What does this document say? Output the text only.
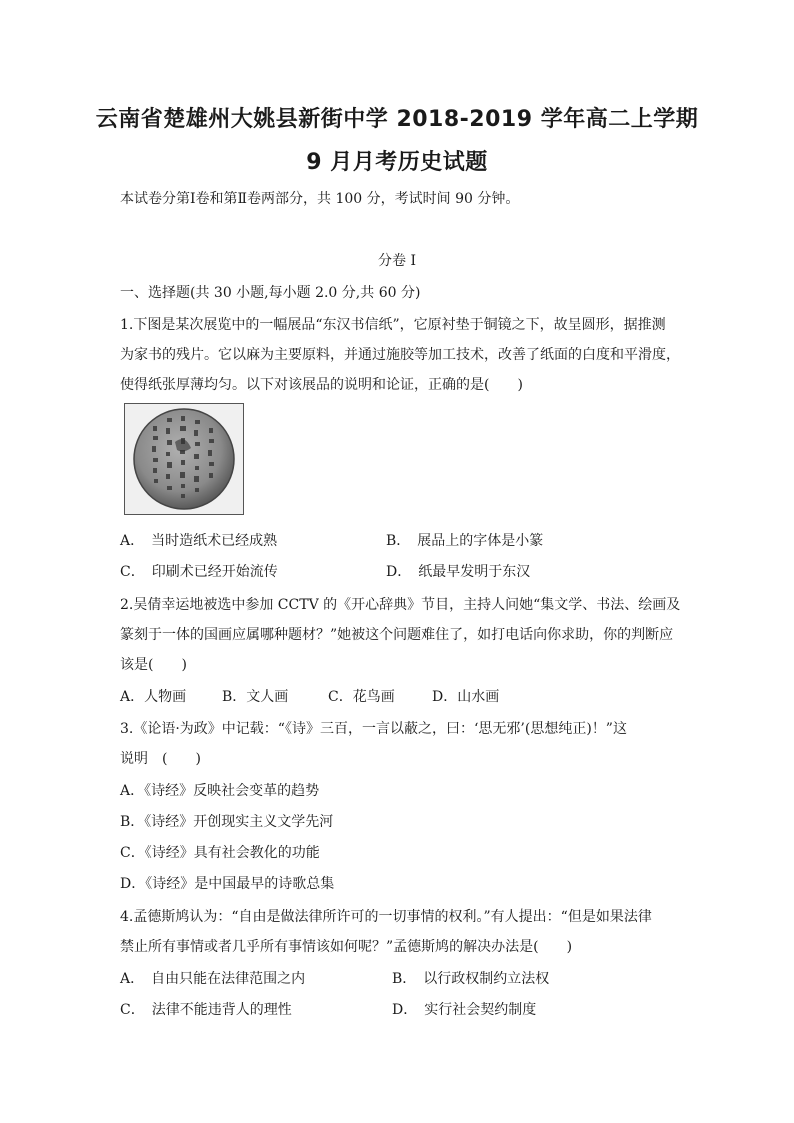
云南省楚雄州大姚县新街中学 2018-2019 学年高二上学期
9 月月考历史试题
本试卷分第Ⅰ卷和第Ⅱ卷两部分，共 100 分，考试时间 90 分钟。
分卷 I
一、选择题(共 30 小题,每小题 2.0 分,共 60 分)
1.下图是某次展览中的一幅展品“东汉书信纸”，它原衬垫于铜镜之下，故呈圆形，据推测
为家书的残片。它以麻为主要原料，并通过施胶等加工技术，改善了纸面的白度和平滑度，
使得纸张厚薄均匀。以下对该展品的说明和论证，正确的是(　　)
A．　当时造纸术已经成熟	B．　展品上的字体是小篆
C．　印刷术已经开始流传	D．　纸最早发明于东汉
2.吴倩幸运地被选中参加 CCTV 的《开心辞典》节目，主持人问她“集文学、书法、绘画及
篆刻于一体的国画应属哪种题材？”她被这个问题难住了，如打电话向你求助，你的判断应
该是(　　)
A．人物画	B．文人画	C．花鸟画	D．山水画
3.《论语·为政》中记载：“《诗》三百，一言以蔽之，曰：‘思无邪’(思想纯正)！”这
说明　(　　)
A．《诗经》反映社会变革的趋势
B．《诗经》开创现实主义文学先河
C．《诗经》具有社会教化的功能
D．《诗经》是中国最早的诗歌总集
4.孟德斯鸠认为：“自由是做法律所许可的一切事情的权利。”有人提出：“但是如果法律
禁止所有事情或者几乎所有事情该如何呢？”孟德斯鸠的解决办法是(　　)
A．　自由只能在法律范围之内	B．　以行政权制约立法权
C．　法律不能违背人的理性	D．　实行社会契约制度
